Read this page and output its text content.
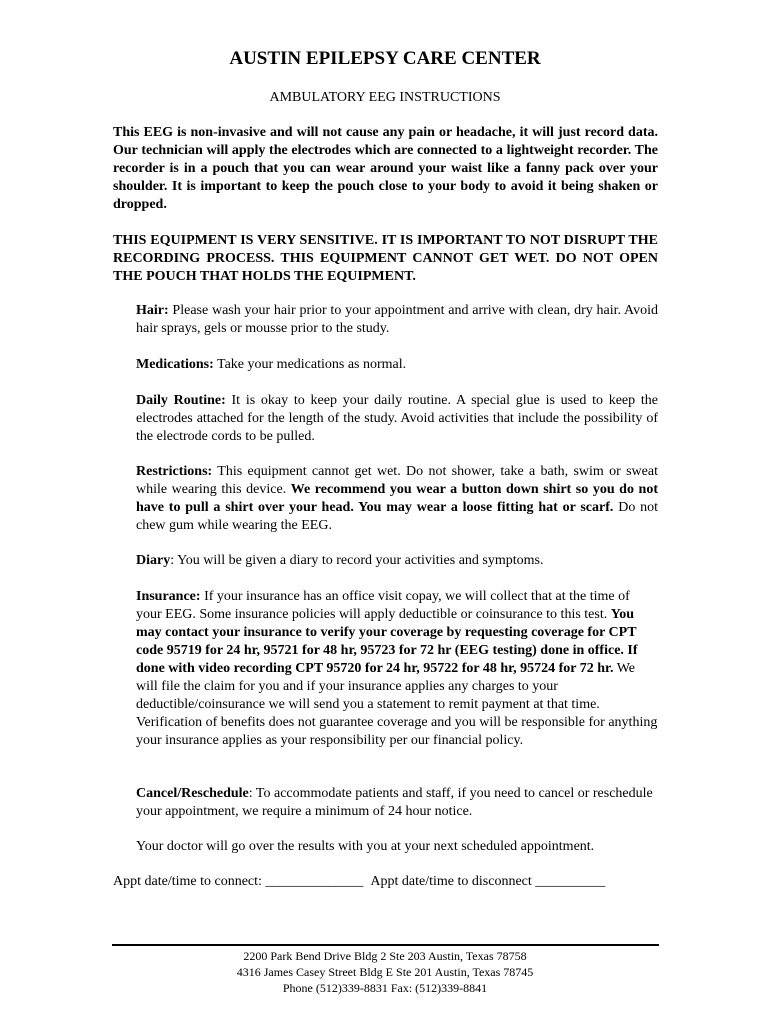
AUSTIN EPILEPSY CARE CENTER
AMBULATORY EEG INSTRUCTIONS
This EEG is non-invasive and will not cause any pain or headache, it will just record data. Our technician will apply the electrodes which are connected to a lightweight recorder. The recorder is in a pouch that you can wear around your waist like a fanny pack over your shoulder. It is important to keep the pouch close to your body to avoid it being shaken or dropped.
THIS EQUIPMENT IS VERY SENSITIVE. IT IS IMPORTANT TO NOT DISRUPT THE RECORDING PROCESS. THIS EQUIPMENT CANNOT GET WET. DO NOT OPEN THE POUCH THAT HOLDS THE EQUIPMENT.
Hair: Please wash your hair prior to your appointment and arrive with clean, dry hair. Avoid hair sprays, gels or mousse prior to the study.
Medications: Take your medications as normal.
Daily Routine: It is okay to keep your daily routine. A special glue is used to keep the electrodes attached for the length of the study. Avoid activities that include the possibility of the electrode cords to be pulled.
Restrictions: This equipment cannot get wet. Do not shower, take a bath, swim or sweat while wearing this device. We recommend you wear a button down shirt so you do not have to pull a shirt over your head. You may wear a loose fitting hat or scarf. Do not chew gum while wearing the EEG.
Diary: You will be given a diary to record your activities and symptoms.
Insurance: If your insurance has an office visit copay, we will collect that at the time of your EEG. Some insurance policies will apply deductible or coinsurance to this test. You may contact your insurance to verify your coverage by requesting coverage for CPT code 95719 for 24 hr, 95721 for 48 hr, 95723 for 72 hr (EEG testing) done in office. If done with video recording CPT 95720 for 24 hr, 95722 for 48 hr, 95724 for 72 hr. We will file the claim for you and if your insurance applies any charges to your deductible/coinsurance we will send you a statement to remit payment at that time. Verification of benefits does not guarantee coverage and you will be responsible for anything your insurance applies as your responsibility per our financial policy.
Cancel/Reschedule: To accommodate patients and staff, if you need to cancel or reschedule your appointment, we require a minimum of 24 hour notice.
Your doctor will go over the results with you at your next scheduled appointment.
Appt date/time to connect: ______________ Appt date/time to disconnect __________
2200 Park Bend Drive Bldg 2 Ste 203 Austin, Texas 78758
4316 James Casey Street Bldg E Ste 201 Austin, Texas 78745
Phone (512)339-8831 Fax: (512)339-8841
